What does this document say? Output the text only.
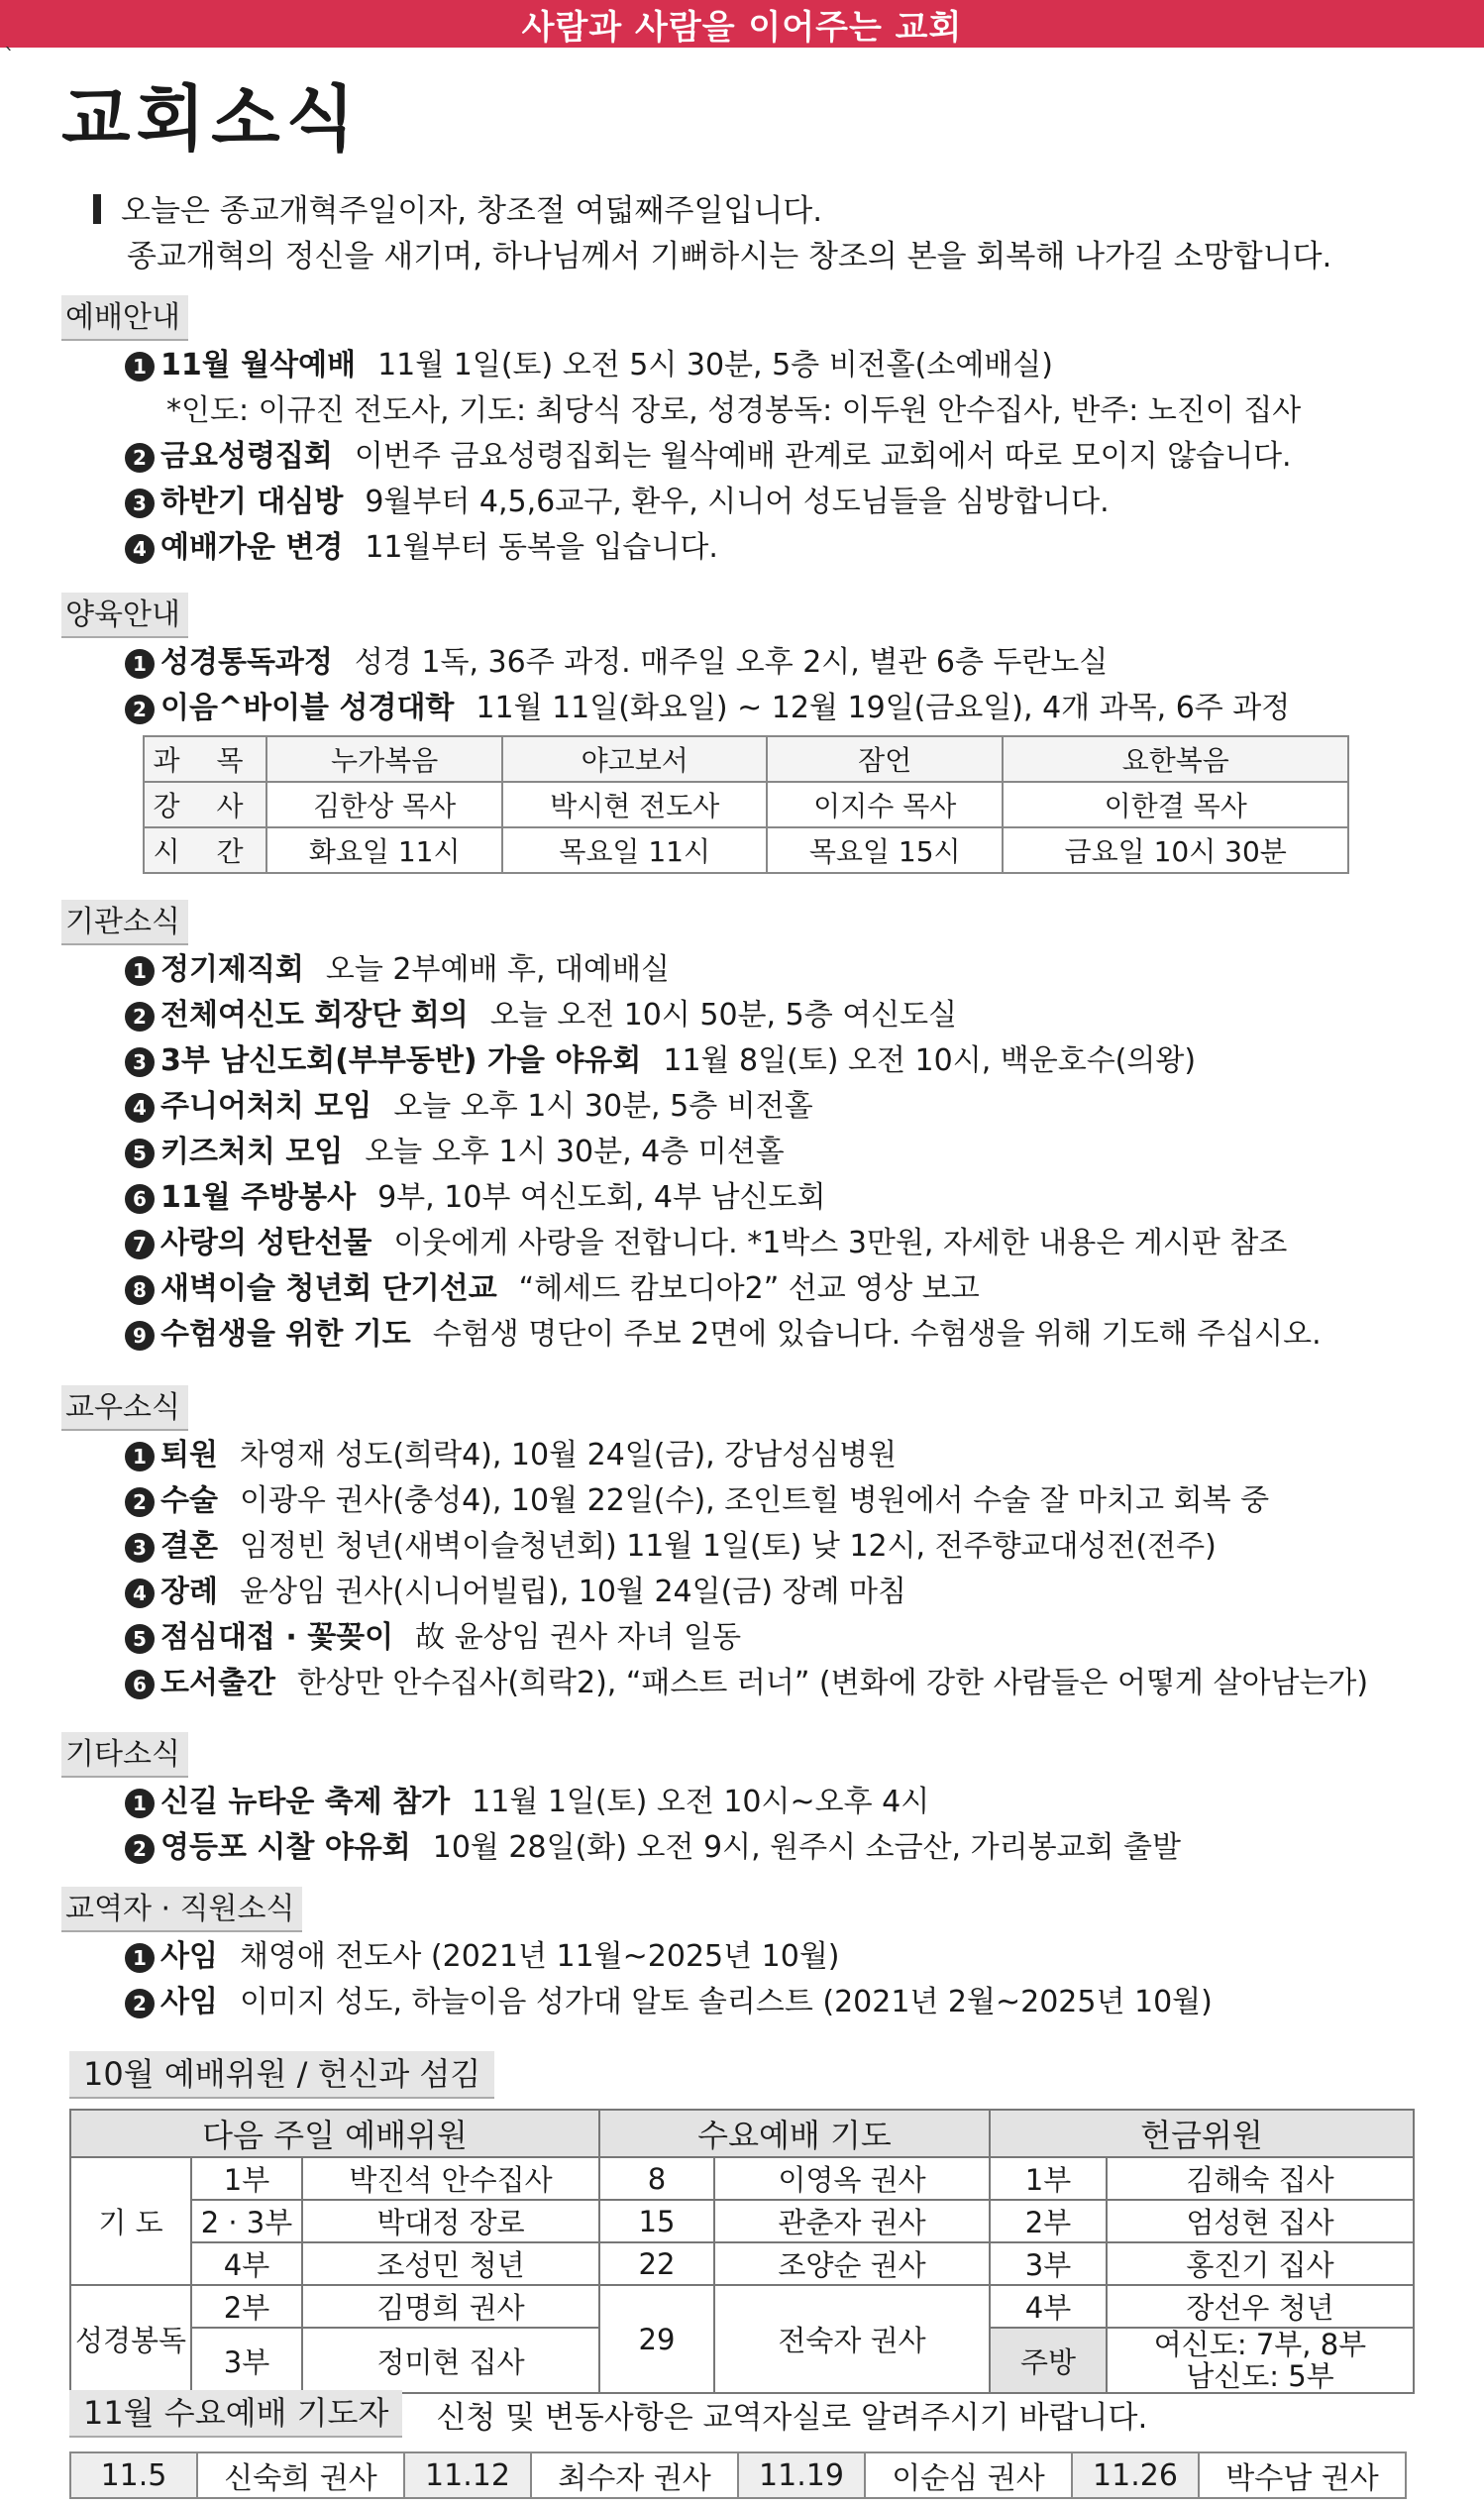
사람과 사람을 이어주는 교회
ˋ
교회소식
오늘은 종교개혁주일이자, 창조절 여덟째주일입니다.
종교개혁의 정신을 새기며, 하나님께서 기뻐하시는 창조의 본을 회복해 나가길 소망합니다.
예배안내
1 11월 월삭예배 11월 1일(토) 오전 5시 30분, 5층 비전홀(소예배실)
*인도: 이규진 전도사, 기도: 최당식 장로, 성경봉독: 이두원 안수집사, 반주: 노진이 집사
2 금요성령집회 이번주 금요성령집회는 월삭예배 관계로 교회에서 따로 모이지 않습니다.
3 하반기 대심방 9월부터 4,5,6교구, 환우, 시니어 성도님들을 심방합니다.
4 예배가운 변경 11월부터 동복을 입습니다.
양육안내
1 성경통독과정 성경 1독, 36주 과정. 매주일 오후 2시, 별관 6층 두란노실
2 이음^바이블 성경대학 11월 11일(화요일) ~ 12월 19일(금요일), 4개 과목, 6주 과정
과 목	누가복음	야고보서	잠언	요한복음
강 사	김한상 목사	박시현 전도사	이지수 목사	이한결 목사
시 간	화요일 11시	목요일 11시	목요일 15시	금요일 10시 30분
기관소식
1 정기제직회 오늘 2부예배 후, 대예배실
2 전체여신도 회장단 회의 오늘 오전 10시 50분, 5층 여신도실
3 3부 남신도회(부부동반) 가을 야유회 11월 8일(토) 오전 10시, 백운호수(의왕)
4 주니어처치 모임 오늘 오후 1시 30분, 5층 비전홀
5 키즈처치 모임 오늘 오후 1시 30분, 4층 미션홀
6 11월 주방봉사 9부, 10부 여신도회, 4부 남신도회
7 사랑의 성탄선물 이웃에게 사랑을 전합니다. *1박스 3만원, 자세한 내용은 게시판 참조
8 새벽이슬 청년회 단기선교 “헤세드 캄보디아2” 선교 영상 보고
9 수험생을 위한 기도 수험생 명단이 주보 2면에 있습니다. 수험생을 위해 기도해 주십시오.
교우소식
1 퇴원 차영재 성도(희락4), 10월 24일(금), 강남성심병원
2 수술 이광우 권사(충성4), 10월 22일(수), 조인트힐 병원에서 수술 잘 마치고 회복 중
3 결혼 임정빈 청년(새벽이슬청년회) 11월 1일(토) 낮 12시, 전주향교대성전(전주)
4 장례 윤상임 권사(시니어빌립), 10월 24일(금) 장례 마침
5 점심대접 · 꽃꽂이 故 윤상임 권사 자녀 일동
6 도서출간 한상만 안수집사(희락2), “패스트 러너” (변화에 강한 사람들은 어떻게 살아남는가)
기타소식
1 신길 뉴타운 축제 참가 11월 1일(토) 오전 10시~오후 4시
2 영등포 시찰 야유회 10월 28일(화) 오전 9시, 원주시 소금산, 가리봉교회 출발
교역자 · 직원소식
1 사임 채영애 전도사 (2021년 11월~2025년 10월)
2 사임 이미지 성도, 하늘이음 성가대 알토 솔리스트 (2021년 2월~2025년 10월)
10월 예배위원 / 헌신과 섬김
다음 주일 예배위원			수요예배 기도		헌금위원	
기 도	1부	박진석 안수집사	8	이영옥 권사	1부	김해숙 집사
	2 · 3부	박대정 장로	15	관춘자 권사	2부	엄성현 집사
	4부	조성민 청년	22	조양순 권사	3부	홍진기 집사
성경봉독	2부	김명희 권사	29	전숙자 권사	4부	장선우 청년
	3부	정미현 집사			주방	여신도: 7부, 8부
남신도: 5부
11월 수요예배 기도자	신청 및 변동사항은 교역자실로 알려주시기 바랍니다.
11.5	신숙희 권사	11.12	최수자 권사	11.19	이순심 권사	11.26	박수남 권사
